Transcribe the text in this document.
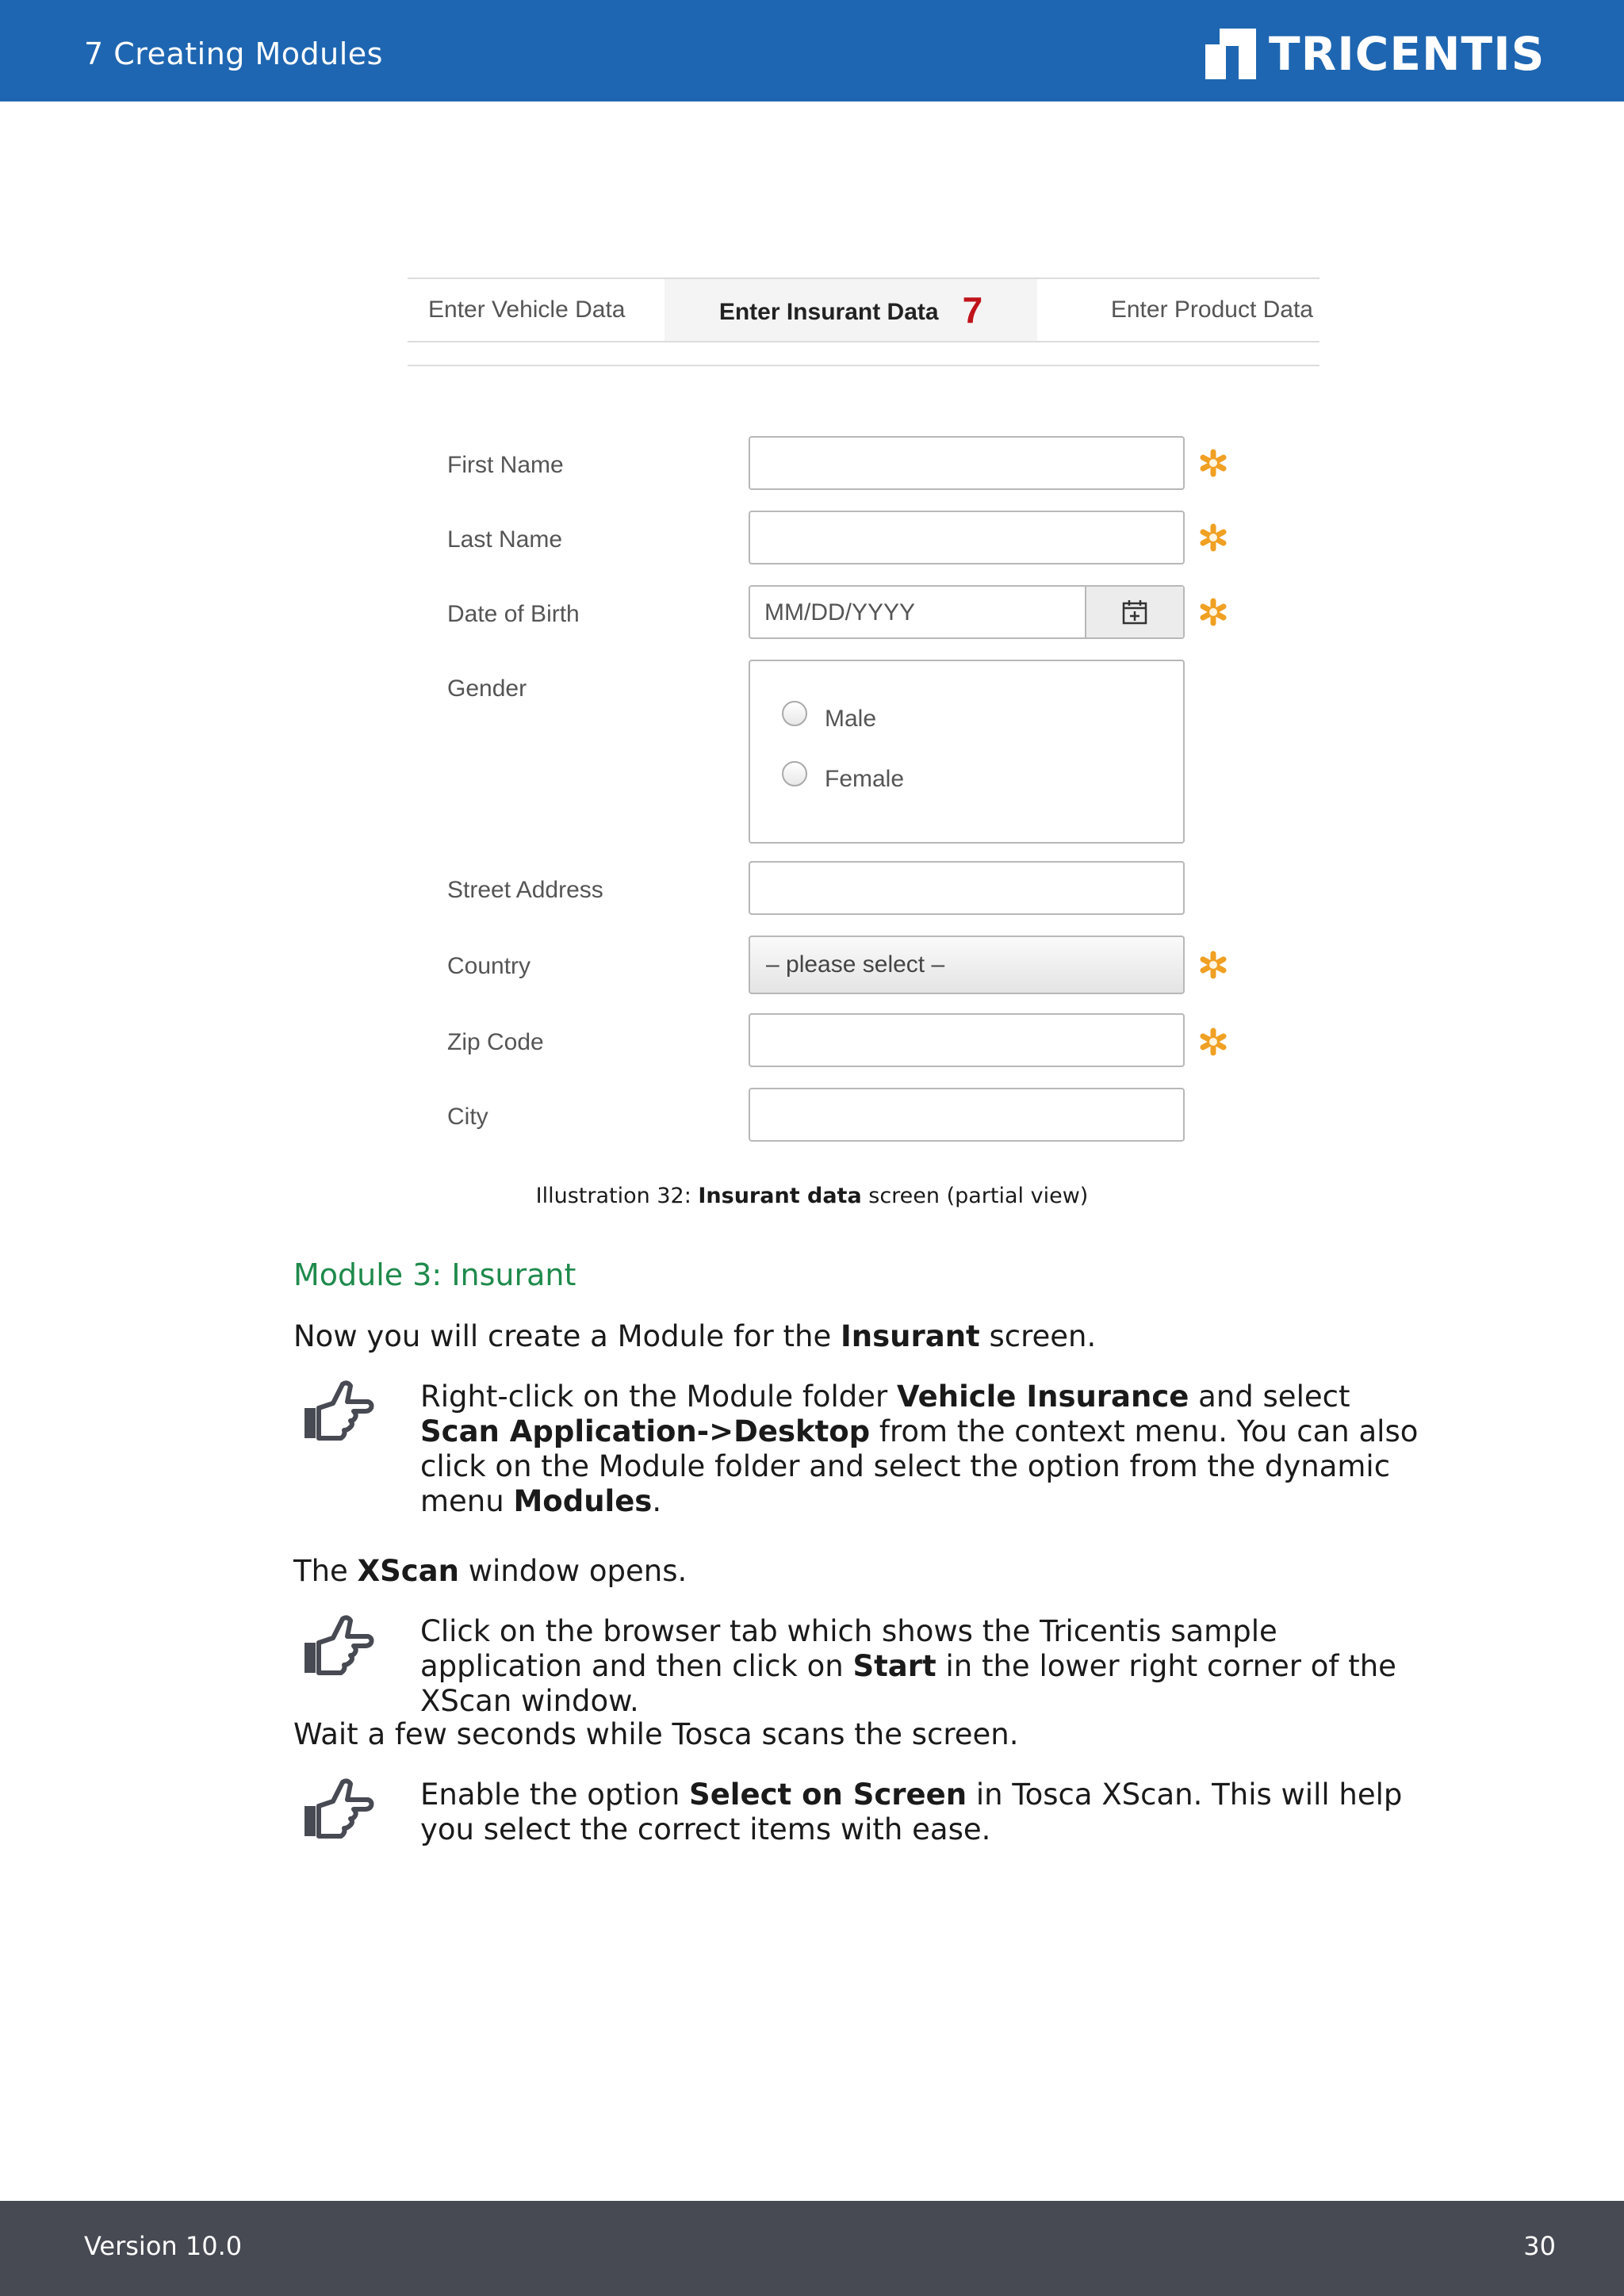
7 Creating Modules	TRICENTIS
Enter Vehicle Data	Enter Insurant Data 7	Enter Product Data
First Name
Last Name
Date of Birth	MM/DD/YYYY
Gender
Male
Female
Street Address
Country	– please select –
Zip Code
City
Illustration 32: Insurant data screen (partial view)
Module 3: Insurant
Now you will create a Module for the Insurant screen.
Right-click on the Module folder Vehicle Insurance and select Scan Application->Desktop from the context menu. You can also click on the Module folder and select the option from the dynamic menu Modules.
The XScan window opens.
Click on the browser tab which shows the Tricentis sample application and then click on Start in the lower right corner of the XScan window.
Wait a few seconds while Tosca scans the screen.
Enable the option Select on Screen in Tosca XScan. This will help you select the correct items with ease.
Version 10.0	30
